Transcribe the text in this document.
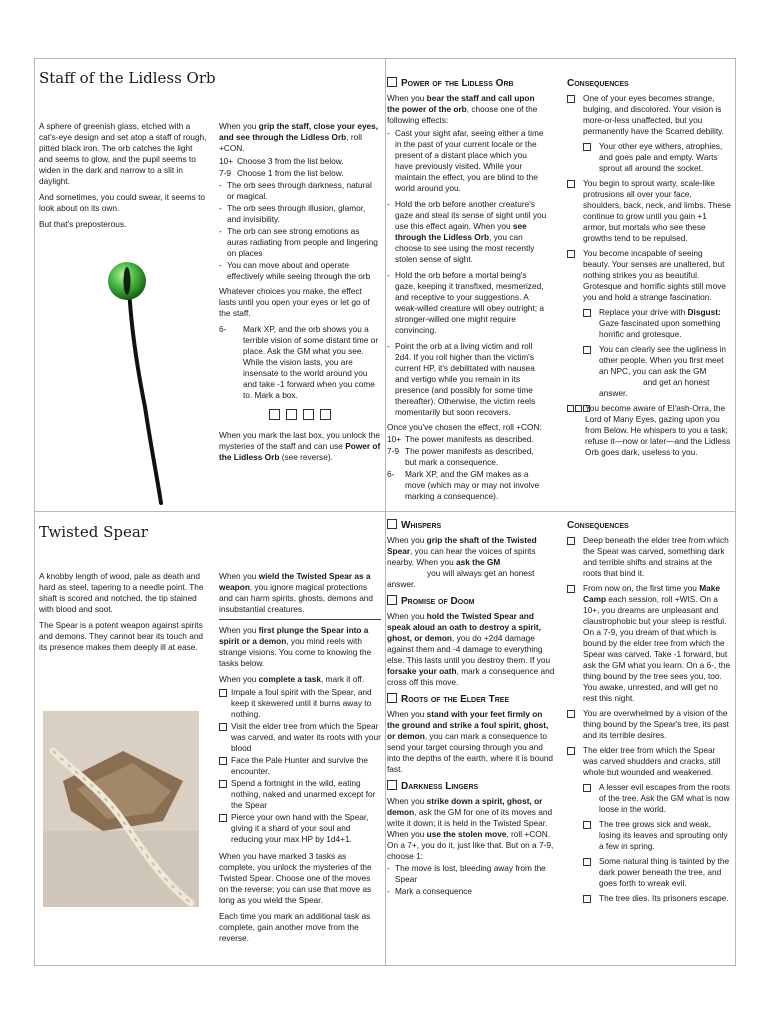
Staff of the Lidless Orb

A sphere of greenish glass, etched with a cat's-eye design and set atop a staff of rough, pitted black iron. The orb catches the light and seems to glow, and the pupil seems to widen in the dark and narrow to a slit in daylight.

And sometimes, you could swear, it seems to look about on its own.

But that's preposterous.

When you grip the staff, close your eyes, and see through the Lidless Orb, roll +CON.

10+ Choose 3 from the list below.
7-9 Choose 1 from the list below.
- The orb sees through darkness, natural or magical.
- The orb sees through illusion, glamor, and invisibility.
- The orb can see strong emotions as auras radiating from people and lingering on places
- You can move about and operate effectively while seeing through the orb

Whatever choices you make, the effect lasts until you open your eyes or let go of the staff.

6-	Mark XP, and the orb shows you a terrible vision of some distant time or place. Ask the GM what you see. While the vision lasts, you are insensate to the world around you and take -1 forward when you come to. Mark a box.

When you mark the last box, you unlock the mysteries of the staff and can use Power of the Lidless Orb (see reverse).

Power of the Lidless Orb

When you bear the staff and call upon the power of the orb, choose one of the following effects:

- Cast your sight afar, seeing either a time in the past of your current locale or the present of a distant place which you have previously visited. While your maintain the effect, you are blind to the world around you.
- Hold the orb before another creature's gaze and steal its sense of sight until you use this effect again. When you see through the Lidless Orb, you can choose to see using the most recently stolen sense of sight.
- Hold the orb before a mortal being's gaze, keeping it transfixed, mesmerized, and receptive to your suggestions. A weak-willed creature will obey outright; a stronger-willed one might require convincing.
- Point the orb at a living victim and roll 2d4. If you roll higher than the victim's current HP, it's debilitated with nausea and vertigo while you remain in its presence (and possibly for some time thereafter). Otherwise, the victim reels momentarily but soon recovers.

Once you've chosen the effect, roll +CON:

10+ The power manifests as described.
7-9 The power manifests as described, but mark a consequence.
6-	Mark XP, and the GM makes as a move (which may or may not involve marking a consequence).
Consequences
One of your eyes becomes strange, bulging, and discolored. Your vision is more-or-less unaffected, but you permanently have the Scarred debility.
Your other eye withers, atrophies, and goes pale and empty. Warts sprout all around the socket.
You begin to sprout warty, scale-like protrusions all over your face, shoulders, back, neck, and limbs. These continue to grow until you gain +1 armor, but mortals who see these growths tend to be repulsed.
You become incapable of seeing beauty. Your senses are unaltered, but nothing strikes you as beautiful. Grotesque and horrific sights still move you and hold a strange fascination.
Replace your drive with Disgust: Gaze fascinated upon something horrific and grotesque.
You can clearly see the ugliness in other people. When you first meet an NPC, you can ask the GM
and get an honest answer.
You become aware of El'ash-Orra, the Lord of Many Eyes, gazing upon you from Below. He whispers to you a task; refuse it—now or later—and the Lidless Orb goes dark, useless to you.
Twisted Spear

A knobby length of wood, pale as death and hard as steel, tapering to a needle point. The shaft is scored and notched, the tip stained with blood and soot.

The Spear is a potent weapon against spirits and demons. They cannot bear its touch and its presence makes them deeply ill at ease.

When you wield the Twisted Spear as a weapon, you ignore magical protections and can harm spirits, ghosts, demons and insubstantial creatures.

When you first plunge the Spear into a spirit or a demon, you mind reels with strange visions. You come to knowing the tasks below.

When you complete a task, mark it off.

Impale a foul spirit with the Spear, and keep it skewered until it burns away to nothing.
Visit the elder tree from which the Spear was carved, and water its roots with your blood
Face the Pale Hunter and survive the encounter.
Spend a fortnight in the wild, eating nothing, naked and unarmed except for the Spear
Pierce your own hand with the Spear, giving it a shard of your soul and reducing your max HP by 1d4+1.

When you have marked 3 tasks as complete, you unlock the mysteries of the Twisted Spear. Choose one of the moves on the reverse; you can use that move as long as you wield the Spear.

Each time you mark an additional task as complete, gain another move from the reverse.

Whispers

When you grip the shaft of the Twisted Spear, you can hear the voices of spirits nearby. When you ask the GM you will always get an honest answer.

Promise of Doom

When you hold the Twisted Spear and speak aloud an oath to destroy a spirit, ghost, or demon, you do +2d4 damage against them and -4 damage to everything else. This lasts until you destroy them. If you forsake your oath, mark a consequence and cross off this move.

Roots of the Elder Tree

When you stand with your feet firmly on the ground and strike a foul spirit, ghost, or demon, you can mark a consequence to send your target coursing through you and into the depths of the earth, where it is bound fast.

Darkness Lingers

When you strike down a spirit, ghost, or demon, ask the GM for one of its moves and write it down; it is held in the Twisted Spear. When you use the stolen move, roll +CON. On a 7+, you do it, just like that. But on a 7-9, choose 1:

- The move is lost, bleeding away from the Spear
- Mark a consequence
Consequences
Deep beneath the elder tree from which the Spear was carved, something dark and terrible shifts and strains at the roots that bind it.
From now on, the first time you Make Camp each session, roll +WIS. On a 10+, you dreams are unpleasant and claustrophobic but your sleep is restful. On a 7-9, you dream of that which is bound by the elder tree from which the Spear was carved. Take -1 forward, but ask the GM what you learn. On a 6-, the thing bound by the tree sees you, too. You awake, unrested, and will get no rest this night.
You are overwhelmed by a vision of the thing bound by the Spear's tree, its past and its terrible desires.
The elder tree from which the Spear was carved shudders and cracks, still whole but wounded and weakened.
A lesser evil escapes from the roots of the tree. Ask the GM what is now loose in the world.
The tree grows sick and weak, losing its leaves and sprouting only a few in spring.
Some natural thing is tainted by the dark power beneath the tree, and goes forth to wreak evil.
The tree dies. Its prisoners escape.
